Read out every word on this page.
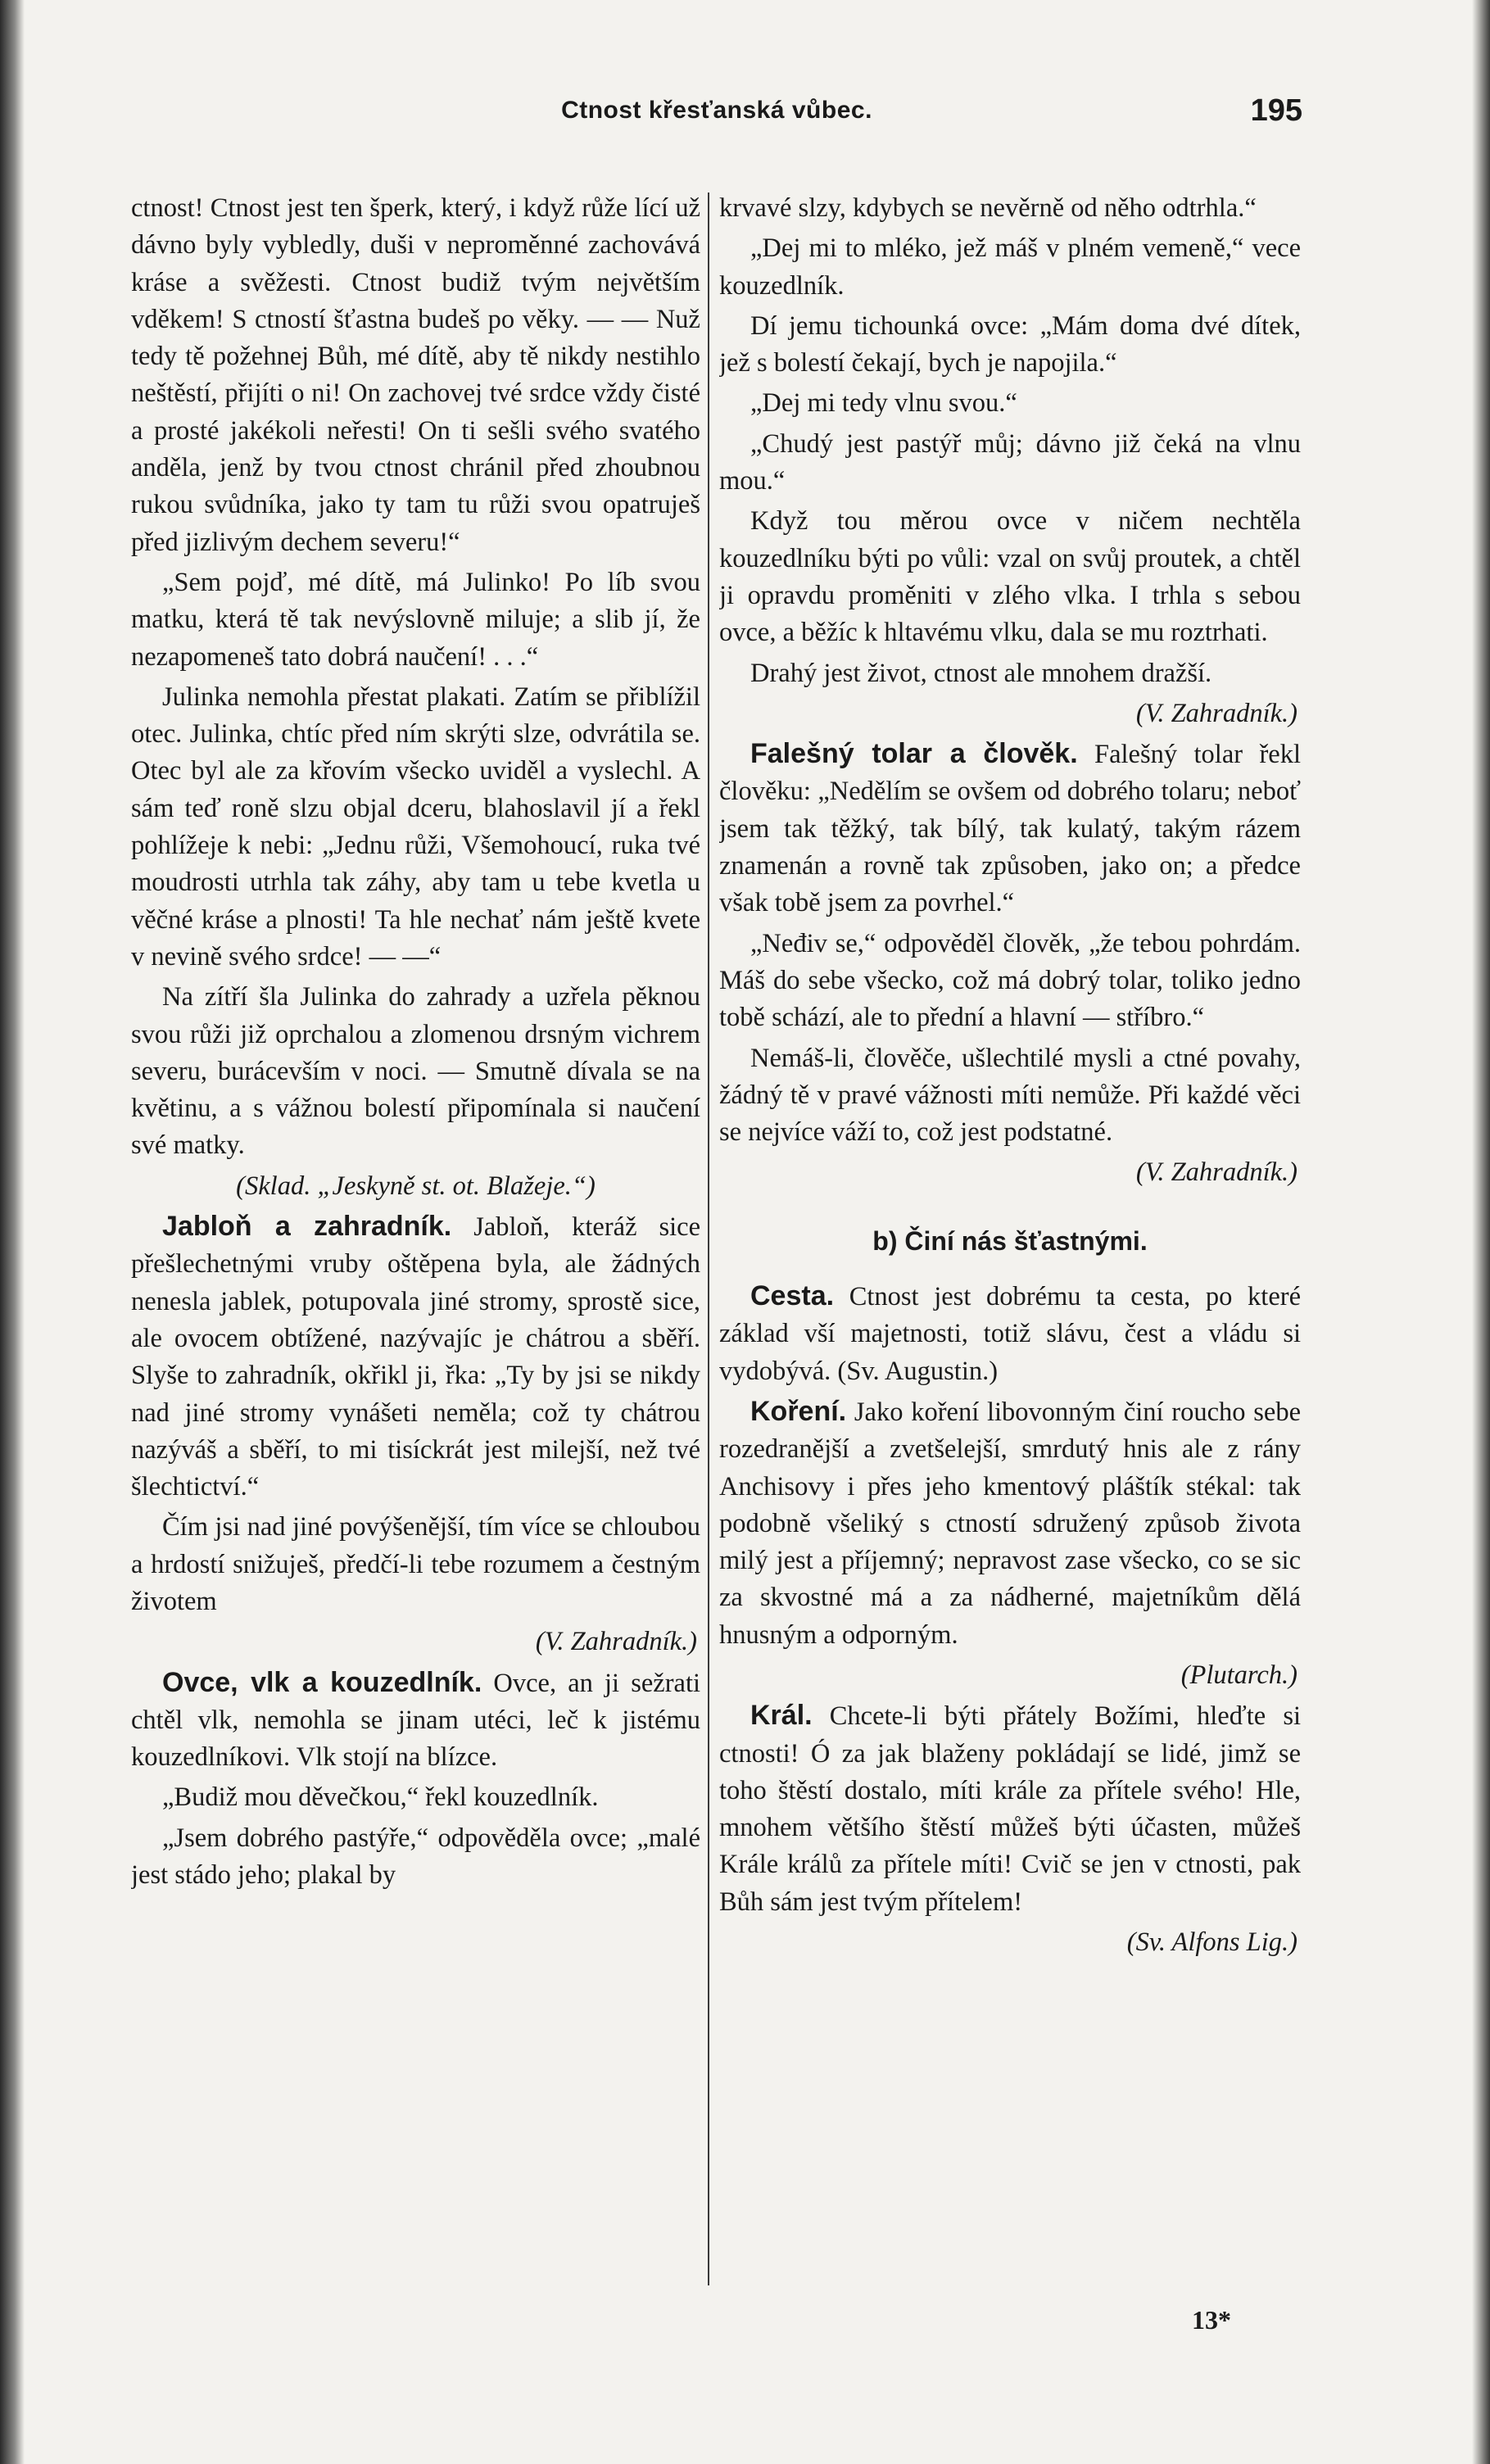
Ctnost křesťanská vůbec.	195

ctnost! Ctnost jest ten šperk, který, i když růže lící už dávno byly vybledly, duši v neproměnné zachovává kráse a svěžesti. Ctnost budiž tvým největším vděkem! S ctností šťastna budeš po věky. — — Nuž tedy tě požehnej Bůh, mé dítě, aby tě nikdy nestihlo neštěstí, přijíti o ni! On zachovej tvé srdce vždy čisté a prosté jakékoli neřesti! On ti sešli svého svatého anděla, jenž by tvou ctnost chránil před zhoubnou rukou svůdníka, jako ty tam tu růži svou opatruješ před jizlivým dechem severu!“

„Sem pojď, mé dítě, má Julinko! Po líb svou matku, která tě tak nevýslovně miluje; a slib jí, že nezapomeneš tato dobrá naučení! . . .“

Julinka nemohla přestat plakati. Zatím se přiblížil otec. Julinka, chtíc před ním skrýti slze, odvrátila se. Otec byl ale za křovím všecko uviděl a vyslechl. A sám teď roně slzu objal dceru, blahoslavil jí a řekl pohlížeje k nebi: „Jednu růži, Všemohoucí, ruka tvé moudrosti utrhla tak záhy, aby tam u tebe kvetla u věčné kráse a plnosti! Ta hle nechať nám ještě kvete v nevině svého srdce! — —“

Na zítří šla Julinka do zahrady a uzřela pěknou svou růži již oprchalou a zlomenou drsným vichrem severu, burácevším v noci. — Smutně dívala se na květinu, a s vážnou bolestí připomínala si naučení své matky.

(Sklad. „Jeskyně st. ot. Blažeje.“)

Jabloň a zahradník. Jabloň, kteráž sice přešlechetnými vruby oštěpena byla, ale žádných nenesla jablek, potupovala jiné stromy, sprostě sice, ale ovocem obtížené, nazývajíc je chátrou a sběří. Slyše to zahradník, okřikl ji, řka: „Ty by jsi se nikdy nad jiné stromy vynášeti neměla; což ty chátrou nazýváš a sběří, to mi tisíckrát jest milejší, než tvé šlechtictví.“

Čím jsi nad jiné povýšenější, tím více se chloubou a hrdostí snižuješ, předčí-li tebe rozumem a čestným životem

(V. Zahradník.)

Ovce, vlk a kouzedlník. Ovce, an ji sežrati chtěl vlk, nemohla se jinam utéci, leč k jistému kouzedlníkovi. Vlk stojí na blízce.

„Budiž mou děvečkou,“ řekl kouzedlník.

„Jsem dobrého pastýře,“ odpověděla ovce; „malé jest stádo jeho; plakal by

krvavé slzy, kdybych se nevěrně od něho odtrhla.“

„Dej mi to mléko, jež máš v plném vemeně,“ vece kouzedlník.

Dí jemu tichounká ovce: „Mám doma dvé dítek, jež s bolestí čekají, bych je napojila.“

„Dej mi tedy vlnu svou.“

„Chudý jest pastýř můj; dávno již čeká na vlnu mou.“

Když tou měrou ovce v ničem nechtěla kouzedlníku býti po vůli: vzal on svůj proutek, a chtěl ji opravdu proměniti v zlého vlka. I trhla s sebou ovce, a běžíc k hltavému vlku, dala se mu roztrhati.

Drahý jest život, ctnost ale mnohem dražší.

(V. Zahradník.)

Falešný tolar a člověk. Falešný tolar řekl člověku: „Nedělím se ovšem od dobrého tolaru; neboť jsem tak těžký, tak bílý, tak kulatý, takým rázem znamenán a rovně tak způsoben, jako on; a předce však tobě jsem za povrhel.“

„Neđiv se,“ odpověděl člověk, „že tebou pohrdám. Máš do sebe všecko, což má dobrý tolar, toliko jedno tobě schází, ale to přední a hlavní — stříbro.“

Nemáš-li, člověče, ušlechtilé mysli a ctné povahy, žádný tě v pravé vážnosti míti nemůže. Při každé věci se nejvíce váží to, což jest podstatné.

(V. Zahradník.)

b) Činí nás šťastnými.

Cesta. Ctnost jest dobrému ta cesta, po které základ vší majetnosti, totiž slávu, čest a vládu si vydobývá. (Sv. Augustin.)

Koření. Jako koření libovonným činí roucho sebe rozedranější a zvetšelejší, smrdutý hnis ale z rány Anchisovy i přes jeho kmentový pláštík stékal: tak podobně všeliký s ctností sdružený způsob života milý jest a příjemný; nepravost zase všecko, co se sic za skvostné má a za nádherné, majetníkům dělá hnusným a odporným.

(Plutarch.)

Král. Chcete-li býti přátely Božími, hleďte si ctnosti! Ó za jak blaženy pokládají se lidé, jimž se toho štěstí dostalo, míti krále za přítele svého! Hle, mnohem většího štěstí můžeš býti účasten, můžeš Krále králů za přítele míti! Cvič se jen v ctnosti, pak Bůh sám jest tvým přítelem!

(Sv. Alfons Lig.)

13*
